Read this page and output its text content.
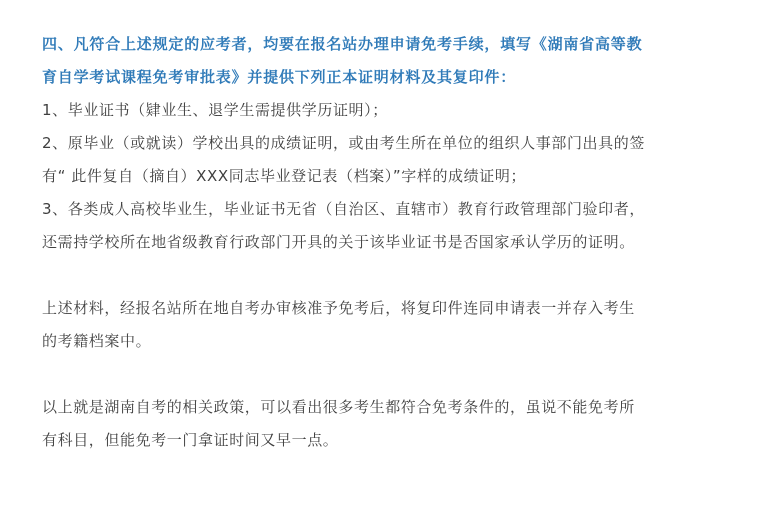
四、凡符合上述规定的应考者，均要在报名站办理申请免考手续，填写《湖南省高等教
育自学考试课程免考审批表》并提供下列正本证明材料及其复印件：
1、毕业证书（肄业生、退学生需提供学历证明）；
2、原毕业（或就读）学校出具的成绩证明，或由考生所在单位的组织人事部门出具的签
有“ 此件复自（摘自）XXX同志毕业登记表（档案）”字样的成绩证明；
3、各类成人高校毕业生，毕业证书无省（自治区、直辖市）教育行政管理部门验印者，
还需持学校所在地省级教育行政部门开具的关于该毕业证书是否国家承认学历的证明。
上述材料，经报名站所在地自考办审核准予免考后，将复印件连同申请表一并存入考生
的考籍档案中。
以上就是湖南自考的相关政策，可以看出很多考生都符合免考条件的，虽说不能免考所
有科目，但能免考一门拿证时间又早一点。
